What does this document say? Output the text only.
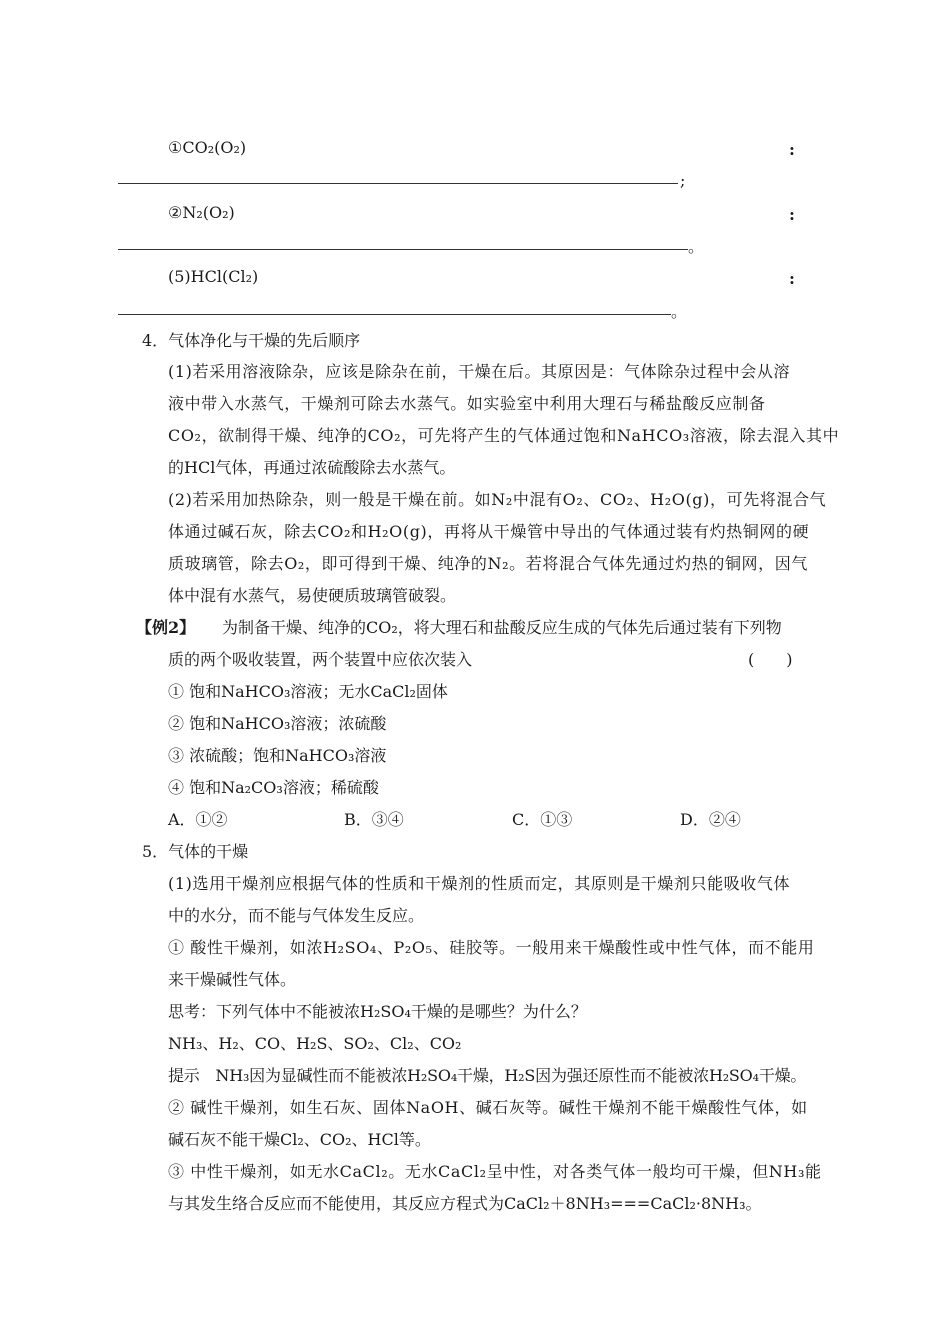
①CO₂(O₂)	:
;
②N₂(O₂)	:
。
(5)HCl(Cl₂)	:
。
4．气体净化与干燥的先后顺序
(1)若采用溶液除杂，应该是除杂在前，干燥在后。其原因是：气体除杂过程中会从溶
液中带入水蒸气，干燥剂可除去水蒸气。如实验室中利用大理石与稀盐酸反应制备
CO₂，欲制得干燥、纯净的CO₂，可先将产生的气体通过饱和NaHCO₃溶液，除去混入其中
的HCl气体，再通过浓硫酸除去水蒸气。
(2)若采用加热除杂，则一般是干燥在前。如N₂中混有O₂、CO₂、H₂O(g)，可先将混合气
体通过碱石灰，除去CO₂和H₂O(g)，再将从干燥管中导出的气体通过装有灼热铜网的硬
质玻璃管，除去O₂，即可得到干燥、纯净的N₂。若将混合气体先通过灼热的铜网，因气
体中混有水蒸气，易使硬质玻璃管破裂。
【例2】 为制备干燥、纯净的CO₂，将大理石和盐酸反应生成的气体先后通过装有下列物
质的两个吸收装置，两个装置中应依次装入	(　　)
① 饱和NaHCO₃溶液；无水CaCl₂固体
② 饱和NaHCO₃溶液；浓硫酸
③ 浓硫酸；饱和NaHCO₃溶液
④ 饱和Na₂CO₃溶液；稀硫酸
A．①②	B．③④	C．①③	D．②④
5．气体的干燥
(1)选用干燥剂应根据气体的性质和干燥剂的性质而定，其原则是干燥剂只能吸收气体
中的水分，而不能与气体发生反应。
① 酸性干燥剂，如浓H₂SO₄、P₂O₅、硅胶等。一般用来干燥酸性或中性气体，而不能用
来干燥碱性气体。
思考：下列气体中不能被浓H₂SO₄干燥的是哪些？为什么？
NH₃、H₂、CO、H₂S、SO₂、Cl₂、CO₂
提示　NH₃因为显碱性而不能被浓H₂SO₄干燥，H₂S因为强还原性而不能被浓H₂SO₄干燥。
② 碱性干燥剂，如生石灰、固体NaOH、碱石灰等。碱性干燥剂不能干燥酸性气体，如
碱石灰不能干燥Cl₂、CO₂、HCl等。
③ 中性干燥剂，如无水CaCl₂。无水CaCl₂呈中性，对各类气体一般均可干燥，但NH₃能
与其发生络合反应而不能使用，其反应方程式为CaCl₂＋8NH₃===CaCl₂·8NH₃。
